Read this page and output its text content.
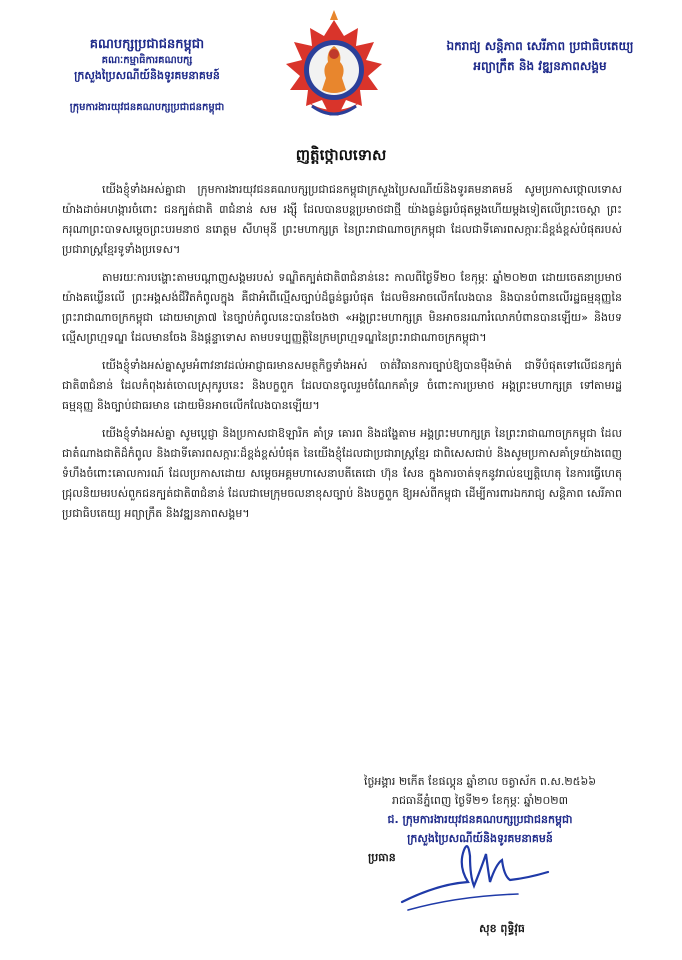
គណបក្សប្រជាជនកម្ពុជា
គណៈកម្មាធិការគណបក្ស
ក្រសួងប្រៃសណីយ៍និងទូរគមនាគមន៍
ក្រុមការងារយុវជនគណបក្សប្រជាជនកម្ពុជា
ឯករាជ្យ សន្តិភាព សេរីភាព ប្រជាធិបតេយ្យ
អព្យាក្រឹត និង វឌ្ឍនភាពសង្គម
ញត្តិថ្កោលទោស

យើងខ្ញុំទាំងអស់គ្នាជា ក្រុមការងារយុវជនគណបក្សប្រជាជនកម្ពុជាក្រសួងប្រៃសណីយ៍និងទូរគមនាគមន៍ សូមប្រកាសថ្កោលទោសយ៉ាងដាច់អហង្ការចំពោះ ជនក្បត់ជាតិ ៣ជំនាន់ សម រង្ស៊ី ដែលបានបន្តប្រមាថជាថ្មី យ៉ាងធ្ងន់ធ្ងរបំផុតម្តងហើយម្តងទៀតលើព្រះចេស្តា ព្រះករុណាព្រះបាទសម្តេចព្រះបរមនាថ នរោត្តម សីហមុនី ព្រះមហាក្សត្រ នៃព្រះរាជាណាចក្រកម្ពុជា ដែលជាទីគោរពសក្ការៈដ៏ខ្ពង់ខ្ពស់បំផុតរបស់ប្រជារាស្ត្រខ្មែរទូទាំងប្រទេស។

តាមរយៈការបង្ហោះតាមបណ្តាញសង្គមរបស់ ទណ្ឌិតក្បត់ជាតិ៣ជំនាន់នេះ កាលពីថ្ងៃទី២០ ខែកុម្ភៈ ឆ្នាំ២០២៣ ដោយចេតនាប្រមាថយ៉ាងគឃ្លើនលើ ព្រះអង្គសង់ជីវិតកំពូលក្នុង គឺជាអំពើល្មើសច្បាប់ដ៏ធ្ងន់ធ្ងរបំផុត ដែលមិនអាចលើកលែងបាន និងបានបំពានលើរដ្ឋធម្មនុញ្ញនៃព្រះរាជាណាចក្រកម្ពុជា ដោយមាត្រា៧ នៃច្បាប់កំពូលនេះបានចែងថា «អង្គព្រះមហាក្សត្រ មិនអាចនរណារំលោភបំពានបានឡើយ» និងបទល្មើសព្រហ្មទណ្ឌ ដែលមានចែង និងផ្តន្ទាទោស តាមបទប្បញ្ញត្តិនៃក្រមព្រហ្មទណ្ឌនៃព្រះរាជាណាចក្រកម្ពុជា។

យើងខ្ញុំទាំងអស់គ្នាសូមអំពាវនាវដល់អាជ្ញាធរមានសមត្ថកិច្ចទាំងអស់ ចាត់វិធានការច្បាប់ឱ្យបានម៉ឺងម៉ាត់ ជាទីបំផុតទៅលើជនក្បត់ជាតិ៣ជំនាន់ ដែលកំពុងរត់ចោលស្រុករូបនេះ និងបក្ខពួក ដែលបានចូលរួមចំណែកគាំទ្រ ចំពោះការប្រមាថ អង្គព្រះមហាក្សត្រ ទៅតាមរដ្ឋធម្មនុញ្ញ និងច្បាប់ជាធរមាន ដោយមិនអាចលើកលែងបានឡើយ។

យើងខ្ញុំទាំងអស់គ្នា សូមប្តេជ្ញា និងប្រកាសជាឱឡារិក គាំទ្រ គោរព និងដង្ហែតាម អង្គព្រះមហាក្សត្រ នៃព្រះរាជាណាចក្រកម្ពុជា ដែលជាតំណាងជាតិដ៏កំពូល និងជាទីគោរពសក្ការៈដ៏ខ្ពង់ខ្ពស់បំផុត នៃយើងខ្ញុំដែលជាប្រជារាស្ត្រខ្មែរ ជាពិសេសជាប់ និងសូមប្រកាសគាំទ្រយ៉ាងពេញទំហឹងចំពោះគោលការណ៍ ដែលប្រកាសដោយ សម្តេចអគ្គមហាសេនាបតីតេជោ ហ៊ុន សែន ក្នុងការចាត់ទុកនូវរាល់ឧប្បត្តិហេតុ នៃការធ្វើហេតុជ្រុលនិយមរបស់ពួកជនក្បត់ជាតិ៣ជំនាន់ ដែលជាមេក្រុមចលនាខុសច្បាប់ និងបក្ខពួក ឱ្យអស់ពីកម្ពុជា ដើម្បីការពារឯករាជ្យ សន្តិភាព សេរីភាព ប្រជាធិបតេយ្យ អព្យាក្រឹត និងវឌ្ឍនភាពសង្គម។

ថ្ងៃអង្គារ ២កើត ខែផល្គុន ឆ្នាំខាល ចត្វាស័ក ព.ស.២៥៦៦
រាជធានីភ្នំពេញ ថ្ងៃទី២១ ខែកុម្ភៈ ឆ្នាំ២០២៣
ជ. ក្រុមការងារយុវជនគណបក្សប្រជាជនកម្ពុជា
ក្រសួងប្រៃសណីយ៍និងទូរគមនាគមន៍
ប្រធាន
សុខ ពុទ្ធិវុធ
